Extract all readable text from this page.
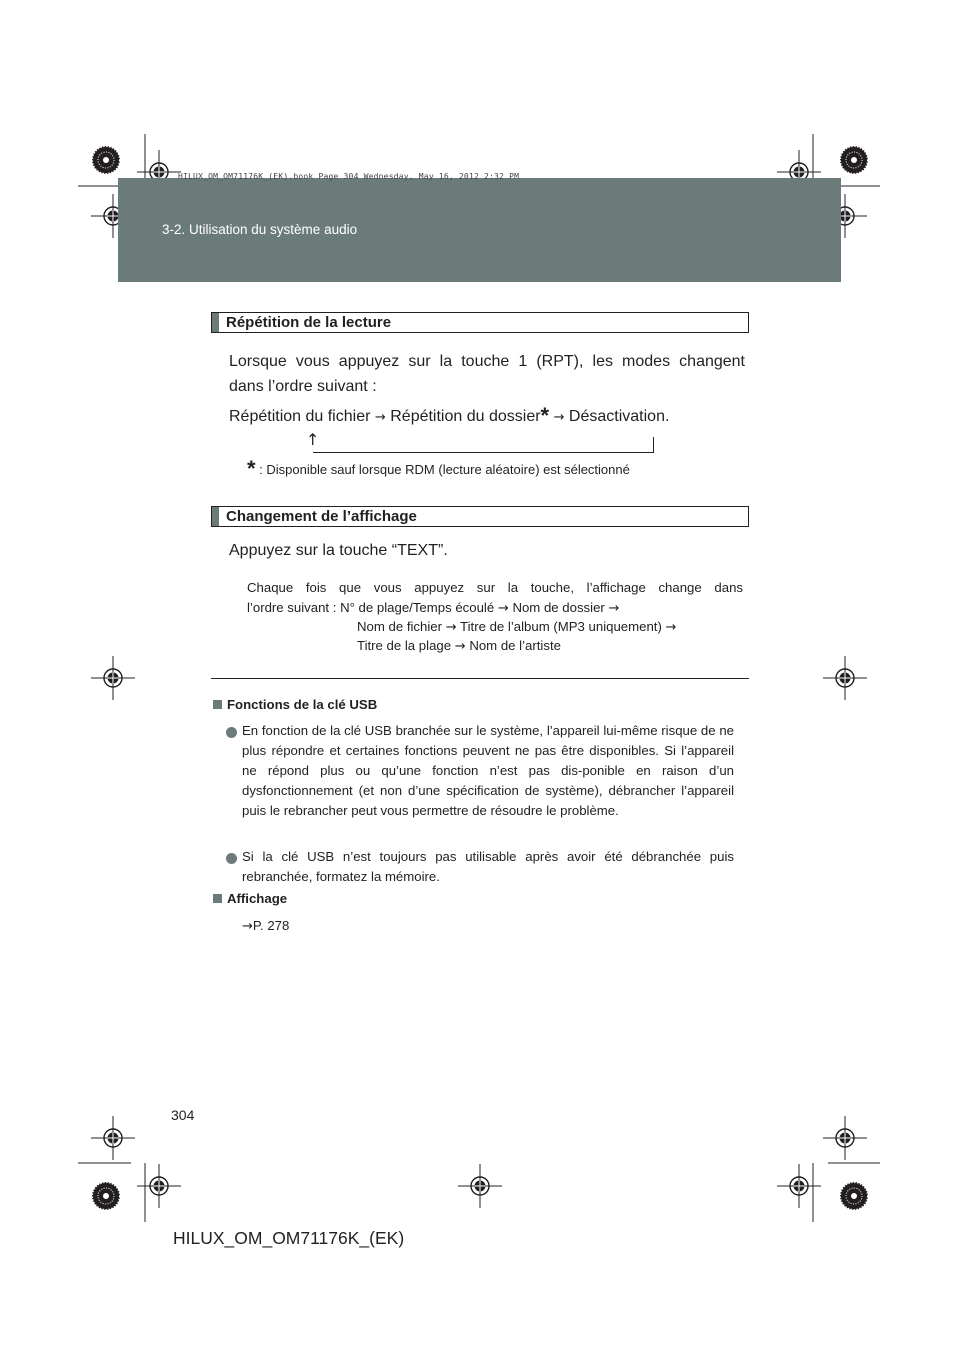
HILUX_OM_OM71176K_(EK).book Page 304 Wednesday, May 16, 2012 2:32 PM
3-2. Utilisation du système audio
Répétition de la lecture
Lorsque vous appuyez sur la touche 1 (RPT), les modes changent
dans l’ordre suivant :
Répétition du fichier → Répétition du dossier* → Désactivation.
↑
* : Disponible sauf lorsque RDM (lecture aléatoire) est sélectionné
Changement de l’affichage
Appuyez sur la touche “TEXT”.
Chaque fois que vous appuyez sur la touche, l’affichage change dans
l’ordre suivant : N° de plage/Temps écoulé → Nom de dossier →
Nom de fichier → Titre de l’album (MP3 uniquement) →
Titre de la plage → Nom de l’artiste
Fonctions de la clé USB
En fonction de la clé USB branchée sur le système, l’appareil lui-même risque de ne plus répondre et certaines fonctions peuvent ne pas être disponibles. Si l’appareil ne répond plus ou qu’une fonction n’est pas dis-ponible en raison d’un dysfonctionnement (et non d’une spécification de système), débrancher l’appareil puis le rebrancher peut vous permettre de résoudre le problème.
Si la clé USB n’est toujours pas utilisable après avoir été débranchée puis rebranchée, formatez la mémoire.
Affichage
→P. 278
304
HILUX_OM_OM71176K_(EK)
